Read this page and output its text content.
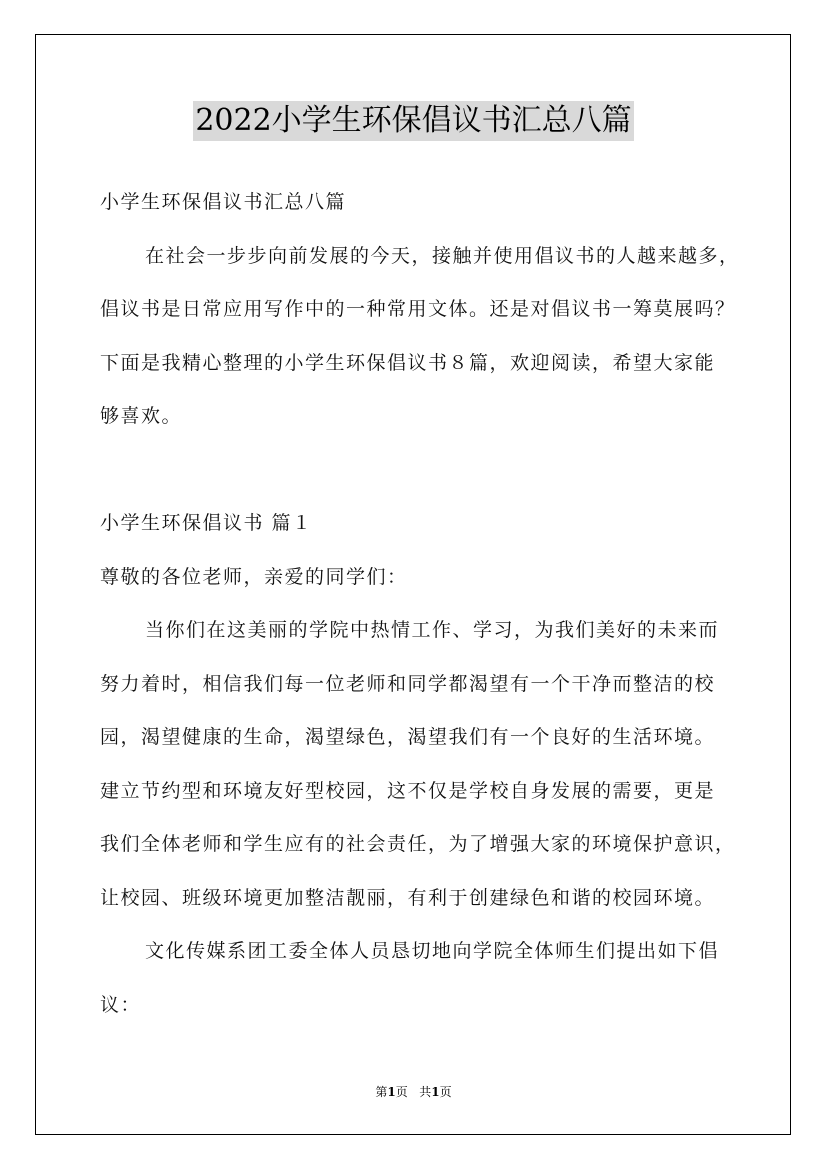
2022小学生环保倡议书汇总八篇
小学生环保倡议书汇总八篇
在社会一步步向前发展的今天，接触并使用倡议书的人越来越多，
倡议书是日常应用写作中的一种常用文体。还是对倡议书一筹莫展吗？
下面是我精心整理的小学生环保倡议书８篇，欢迎阅读，希望大家能
够喜欢。
小学生环保倡议书 篇１
尊敬的各位老师，亲爱的同学们：
当你们在这美丽的学院中热情工作、学习，为我们美好的未来而
努力着时，相信我们每一位老师和同学都渴望有一个干净而整洁的校
园，渴望健康的生命，渴望绿色，渴望我们有一个良好的生活环境。
建立节约型和环境友好型校园，这不仅是学校自身发展的需要，更是
我们全体老师和学生应有的社会责任，为了增强大家的环境保护意识，
让校园、班级环境更加整洁靓丽，有利于创建绿色和谐的校园环境。
文化传媒系团工委全体人员恳切地向学院全体师生们提出如下倡
议：
第1页 共1页
